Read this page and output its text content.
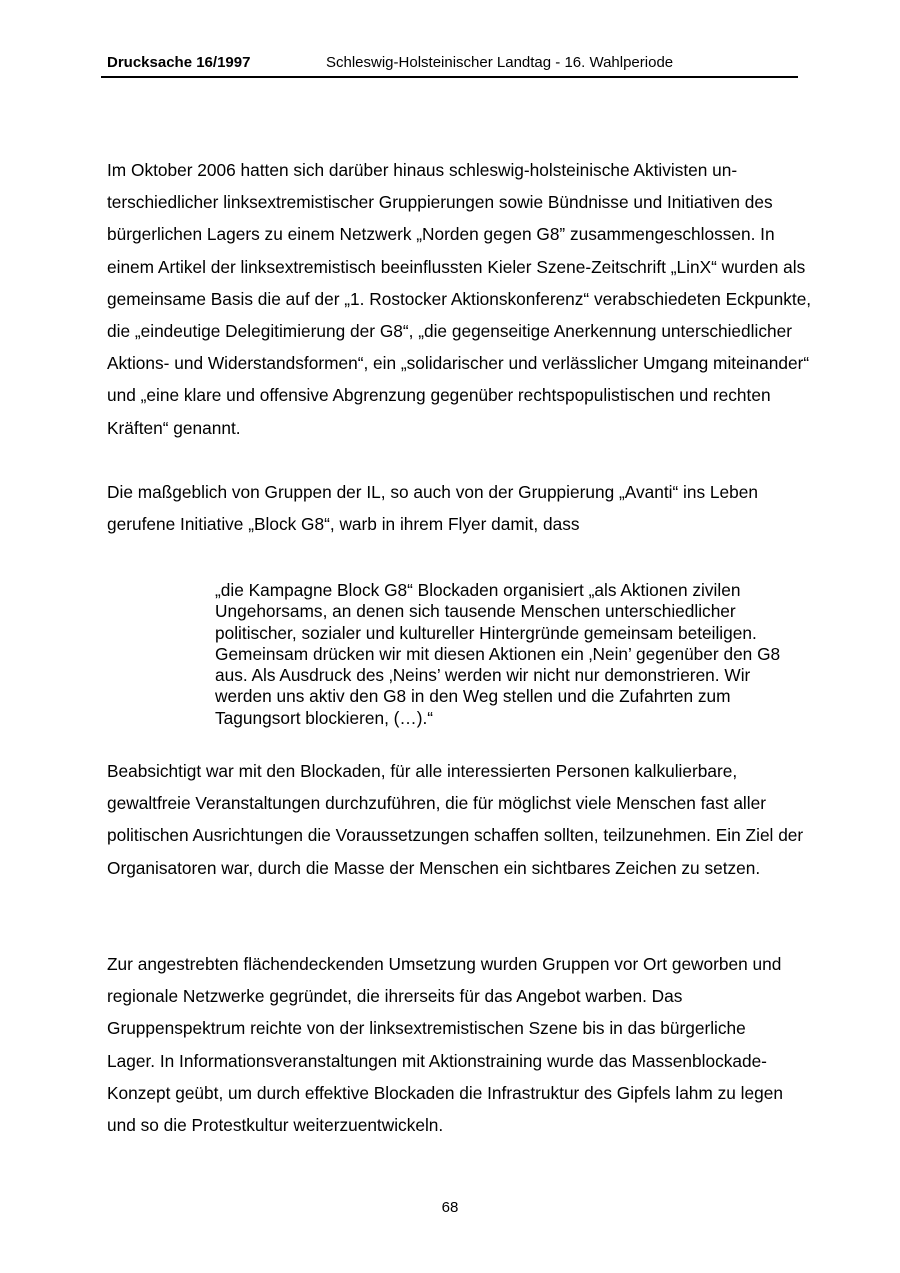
Drucksache 16/1997	Schleswig-Holsteinischer Landtag - 16. Wahlperiode

Im Oktober 2006 hatten sich darüber hinaus schleswig-holsteinische Aktivisten unterschiedlicher linksextremistischer Gruppierungen sowie Bündnisse und Initiativen des bürgerlichen Lagers zu einem Netzwerk „Norden gegen G8” zusammengeschlossen. In einem Artikel der linksextremistisch beeinflussten Kieler Szene-Zeitschrift „LinX“ wurden als gemeinsame Basis die auf der „1. Rostocker Aktionskonferenz“ verabschiedeten Eckpunkte, die „eindeutige Delegitimierung der G8“, „die gegenseitige Anerkennung unterschiedlicher Aktions- und Widerstandsformen“, ein „solidarischer und verlässlicher Umgang miteinander“ und „eine klare und offensive Abgrenzung gegenüber rechtspopulistischen und rechten Kräften“ genannt.

Die maßgeblich von Gruppen der IL, so auch von der Gruppierung „Avanti“ ins Leben gerufene Initiative „Block G8“, warb in ihrem Flyer damit, dass

„die Kampagne Block G8“ Blockaden organisiert „als Aktionen zivilen Ungehorsams, an denen sich tausende Menschen unterschiedlicher politischer, sozialer und kultureller Hintergründe gemeinsam beteiligen. Gemeinsam drücken wir mit diesen Aktionen ein ‚Nein’ gegenüber den G8 aus. Als Ausdruck des ‚Neins’ werden wir nicht nur demonstrieren. Wir werden uns aktiv den G8 in den Weg stellen und die Zufahrten zum Tagungsort blockieren, (…).“

Beabsichtigt war mit den Blockaden, für alle interessierten Personen kalkulierbare, gewaltfreie Veranstaltungen durchzuführen, die für möglichst viele Menschen fast aller politischen Ausrichtungen die Voraussetzungen schaffen sollten, teilzunehmen. Ein Ziel der Organisatoren war, durch die Masse der Menschen ein sichtbares Zeichen zu setzen.

Zur angestrebten flächendeckenden Umsetzung wurden Gruppen vor Ort geworben und regionale Netzwerke gegründet, die ihrerseits für das Angebot warben. Das Gruppenspektrum reichte von der linksextremistischen Szene bis in das bürgerliche Lager. In Informationsveranstaltungen mit Aktionstraining wurde das Massenblockade-Konzept geübt, um durch effektive Blockaden die Infrastruktur des Gipfels lahm zu legen und so die Protestkultur weiterzuentwickeln.

68
